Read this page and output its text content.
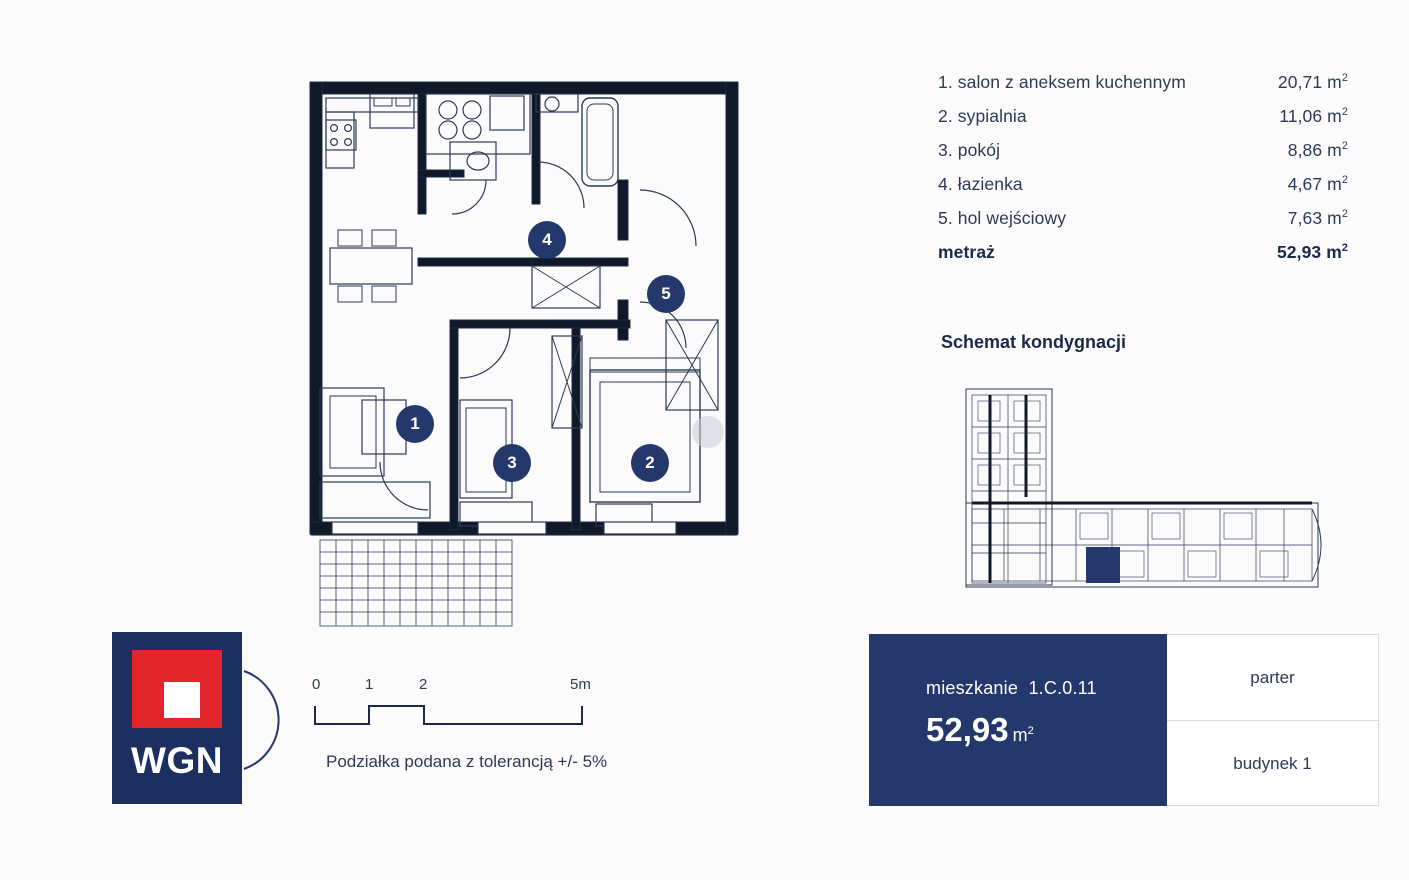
1
2
3
4
5
1. salon z aneksem kuchennym	20,71 $m^2$
2. sypialnia	11,06 $m^2$
3. pokój	8,86 $m^2$
4. łazienka	4,67 $m^2$
5. hol wejściowy	7,63 $m^2$
metraż	52,93 $m^2$
Schemat kondygnacji
WGN
0	1	2	5m
Podziałka podana z tolerancją +/- 5%
mieszkanie 1.C.0.11
52,93 $m^2$
parter
budynek 1
